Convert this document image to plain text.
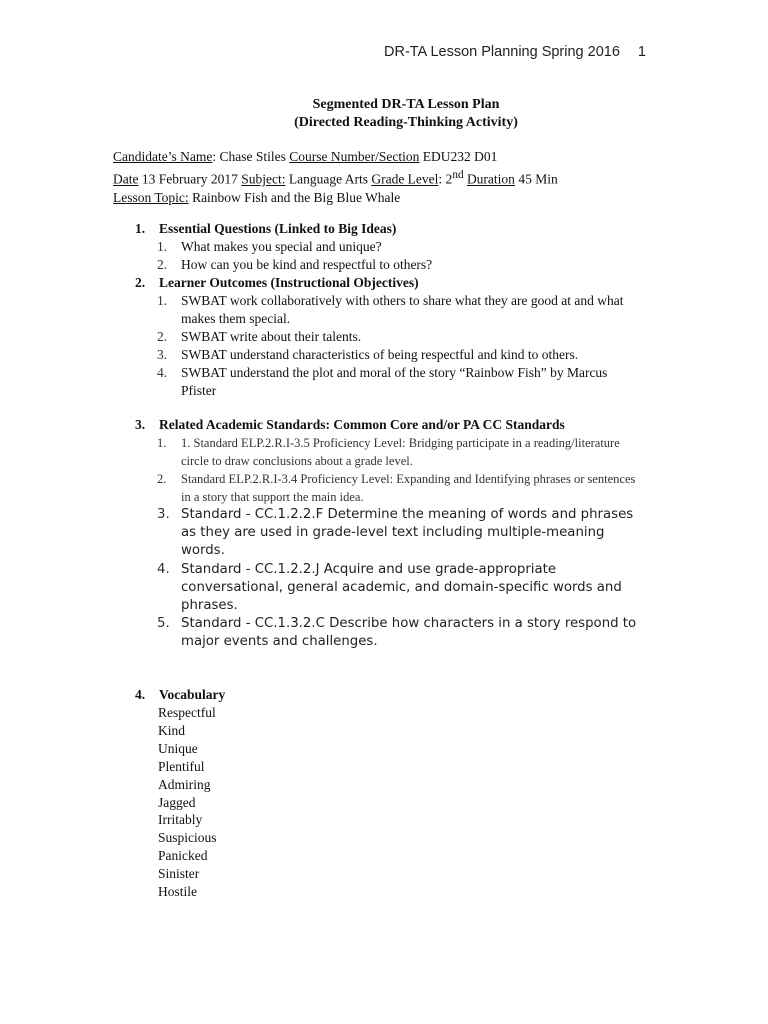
DR-TA Lesson Planning Spring 2016 1
Segmented DR-TA Lesson Plan
(Directed Reading-Thinking Activity)
Candidate’s Name: Chase Stiles Course Number/Section EDU232 D01
Date 13 February 2017 Subject: Language Arts Grade Level: 2nd Duration 45 Min
Lesson Topic: Rainbow Fish and the Big Blue Whale
1. Essential Questions (Linked to Big Ideas)
1. What makes you special and unique?
2. How can you be kind and respectful to others?
2. Learner Outcomes (Instructional Objectives)
1. SWBAT work collaboratively with others to share what they are good at and what makes them special.
2. SWBAT write about their talents.
3. SWBAT understand characteristics of being respectful and kind to others.
4. SWBAT understand the plot and moral of the story “Rainbow Fish” by Marcus Pfister
3. Related Academic Standards: Common Core and/or PA CC Standards
1. 1. Standard ELP.2.R.I-3.5 Proficiency Level: Bridging participate in a reading/literature circle to draw conclusions about a grade level.
2. Standard ELP.2.R.I-3.4 Proficiency Level: Expanding and Identifying phrases or sentences in a story that support the main idea.
3. Standard - CC.1.2.2.F Determine the meaning of words and phrases as they are used in grade-level text including multiple-meaning words.
4. Standard - CC.1.2.2.J Acquire and use grade-appropriate conversational, general academic, and domain-specific words and phrases.
5. Standard - CC.1.3.2.C Describe how characters in a story respond to major events and challenges.
4. Vocabulary
Respectful
Kind
Unique
Plentiful
Admiring
Jagged
Irritably
Suspicious
Panicked
Sinister
Hostile
